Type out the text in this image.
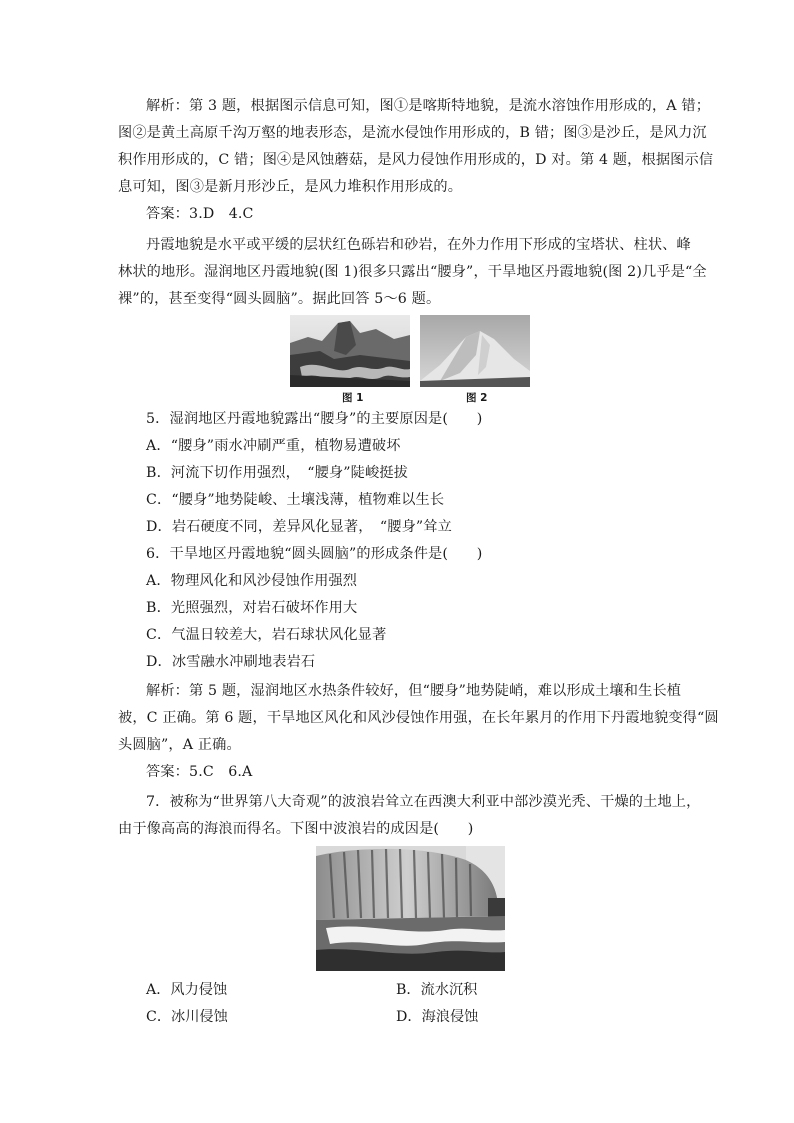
解析：第 3 题，根据图示信息可知，图①是喀斯特地貌，是流水溶蚀作用形成的，A 错；
图②是黄土高原千沟万壑的地表形态，是流水侵蚀作用形成的，B 错；图③是沙丘，是风力沉
积作用形成的，C 错；图④是风蚀蘑菇，是风力侵蚀作用形成的，D 对。第 4 题，根据图示信
息可知，图③是新月形沙丘，是风力堆积作用形成的。
答案：3.D　4.C
丹霞地貌是水平或平缓的层状红色砾岩和砂岩，在外力作用下形成的宝塔状、柱状、峰
林状的地形。湿润地区丹霞地貌(图 1)很多只露出“腰身”，干旱地区丹霞地貌(图 2)几乎是“全
裸”的，甚至变得“圆头圆脑”。据此回答 5～6 题。
图 1	图 2
5．湿润地区丹霞地貌露出“腰身”的主要原因是(　　)
A．“腰身”雨水冲刷严重，植物易遭破坏
B．河流下切作用强烈，　“腰身”陡峻挺拔
C．“腰身”地势陡峻、土壤浅薄，植物难以生长
D．岩石硬度不同，差异风化显著，　“腰身”耸立
6．干旱地区丹霞地貌“圆头圆脑”的形成条件是(　　)
A．物理风化和风沙侵蚀作用强烈
B．光照强烈，对岩石破坏作用大
C．气温日较差大，岩石球状风化显著
D．冰雪融水冲刷地表岩石
解析：第 5 题，湿润地区水热条件较好，但“腰身”地势陡峭，难以形成土壤和生长植
被，C 正确。第 6 题，干旱地区风化和风沙侵蚀作用强，在长年累月的作用下丹霞地貌变得“圆
头圆脑”，A 正确。
答案：5.C　6.A
7．被称为“世界第八大奇观”的波浪岩耸立在西澳大利亚中部沙漠光秃、干燥的土地上，
由于像高高的海浪而得名。下图中波浪岩的成因是(　　)
A．风力侵蚀	B．流水沉积
C．冰川侵蚀	D．海浪侵蚀
